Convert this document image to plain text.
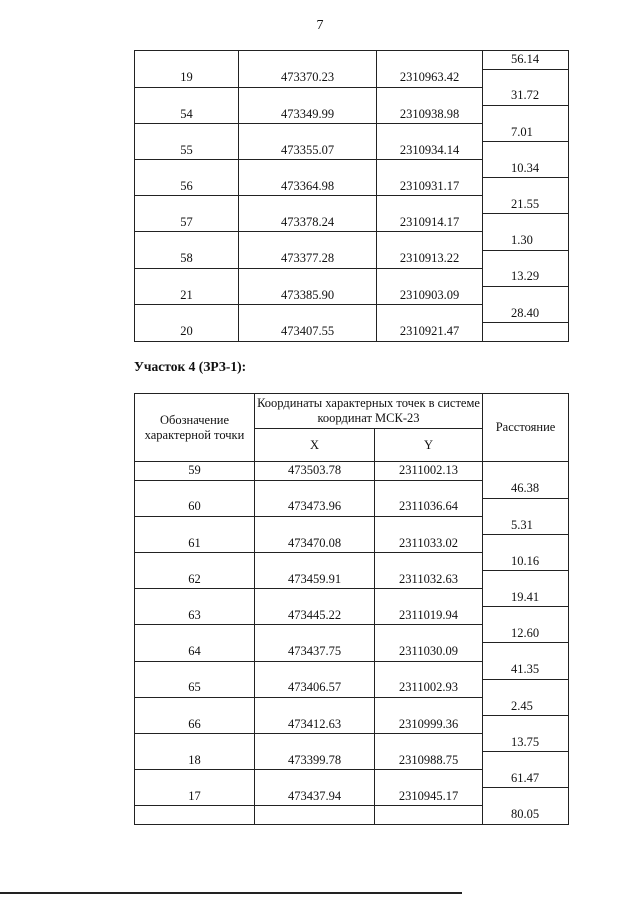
7
			56.14
19	473370.23	2310963.42	
			31.72
54	473349.99	2310938.98	
			7.01
55	473355.07	2310934.14	
			10.34
56	473364.98	2310931.17	
			21.55
57	473378.24	2310914.17	
			1.30
58	473377.28	2310913.22	
			13.29
21	473385.90	2310903.09	
			28.40
20	473407.55	2310921.47	
Участок 4 (ЗРЗ-1):
Обозначение характерной точки	Координаты характерных точек в системе координат МСК-23		Расстояние
	X	Y	
59	473503.78	2311002.13	
			46.38
60	473473.96	2311036.64	
			5.31
61	473470.08	2311033.02	
			10.16
62	473459.91	2311032.63	
			19.41
63	473445.22	2311019.94	
			12.60
64	473437.75	2311030.09	
			41.35
65	473406.57	2311002.93	
			2.45
66	473412.63	2310999.36	
			13.75
18	473399.78	2310988.75	
			61.47
17	473437.94	2310945.17	
			80.05
